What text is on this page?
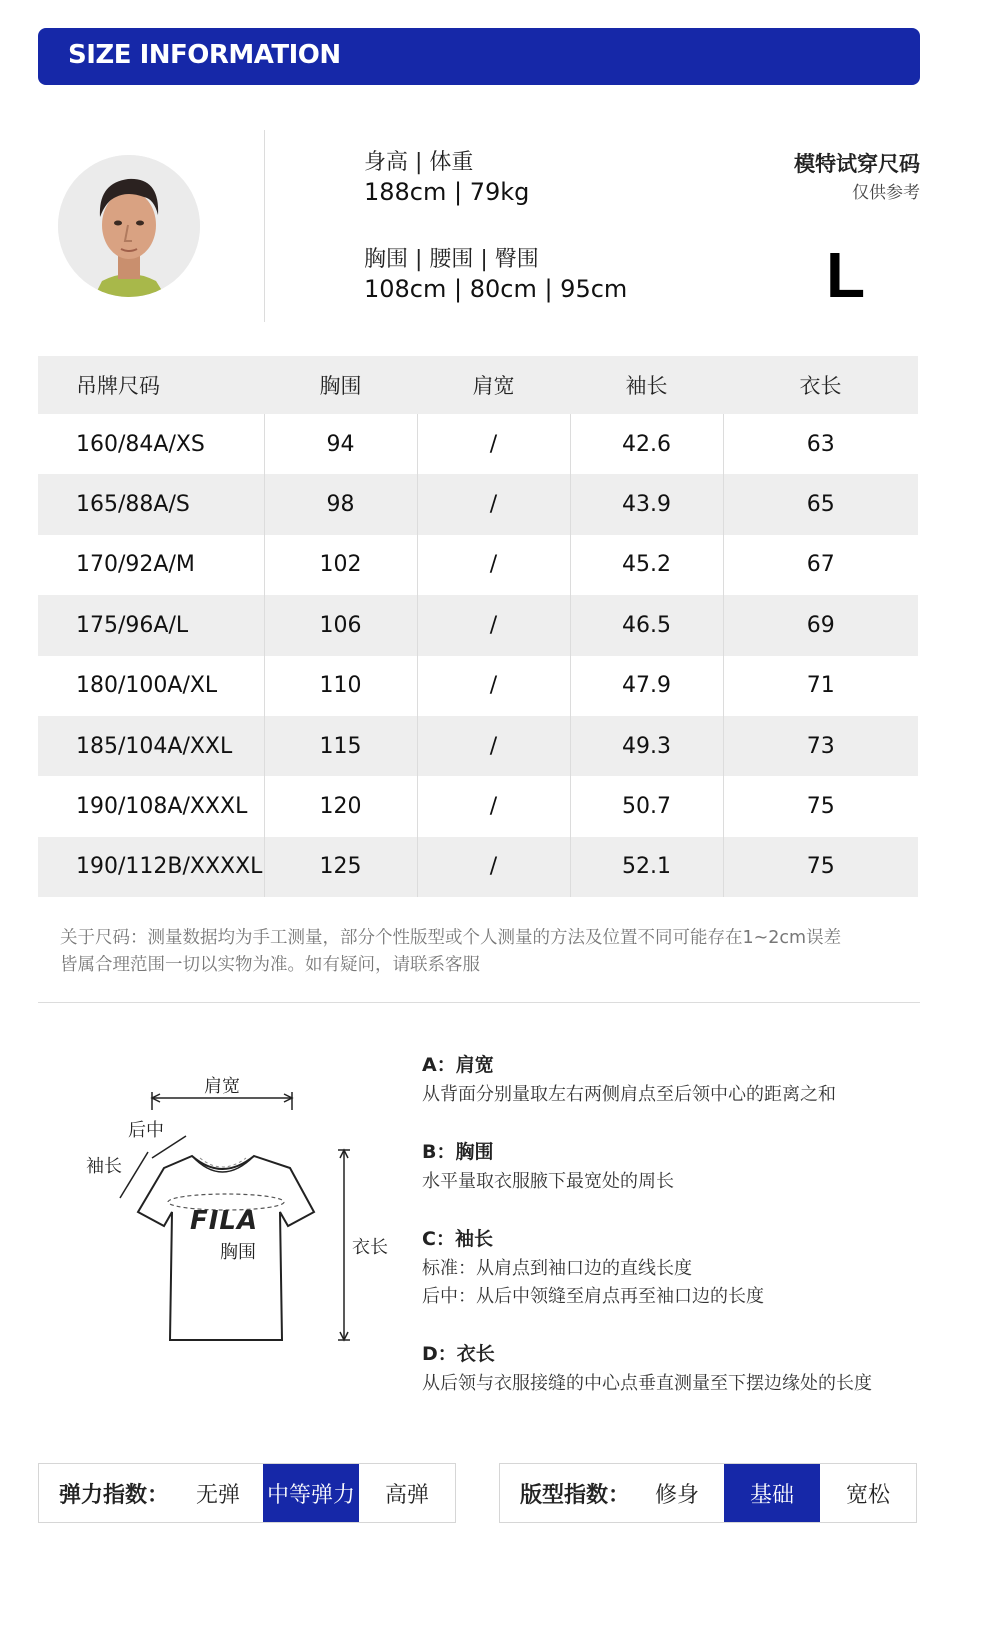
SIZE INFORMATION
身高 | 体重
188cm | 79kg
胸围 | 腰围 | 臀围
108cm | 80cm | 95cm
模特试穿尺码
仅供参考
L
吊牌尺码	胸围	肩宽	袖长	衣长
160/84A/XS	94	/	42.6	63
165/88A/S	98	/	43.9	65
170/92A/M	102	/	45.2	67
175/96A/L	106	/	46.5	69
180/100A/XL	110	/	47.9	71
185/104A/XXL	115	/	49.3	73
190/108A/XXXL	120	/	50.7	75
190/112B/XXXXL	125	/	52.1	75
关于尺码：测量数据均为手工测量，部分个性版型或个人测量的方法及位置不同可能存在1~2cm误差
皆属合理范围一切以实物为准。如有疑问，请联系客服
肩宽
后中
袖长
FILA
胸围	衣长
A：肩宽
从背面分别量取左右两侧肩点至后领中心的距离之和
B：胸围
水平量取衣服腋下最宽处的周长
C：袖长
标准：从肩点到袖口边的直线长度
后中：从后中领缝至肩点再至袖口边的长度
D：衣长
从后领与衣服接缝的中心点垂直测量至下摆边缘处的长度
弹力指数：	无弹	中等弹力	高弹	版型指数：	修身	基础	宽松
